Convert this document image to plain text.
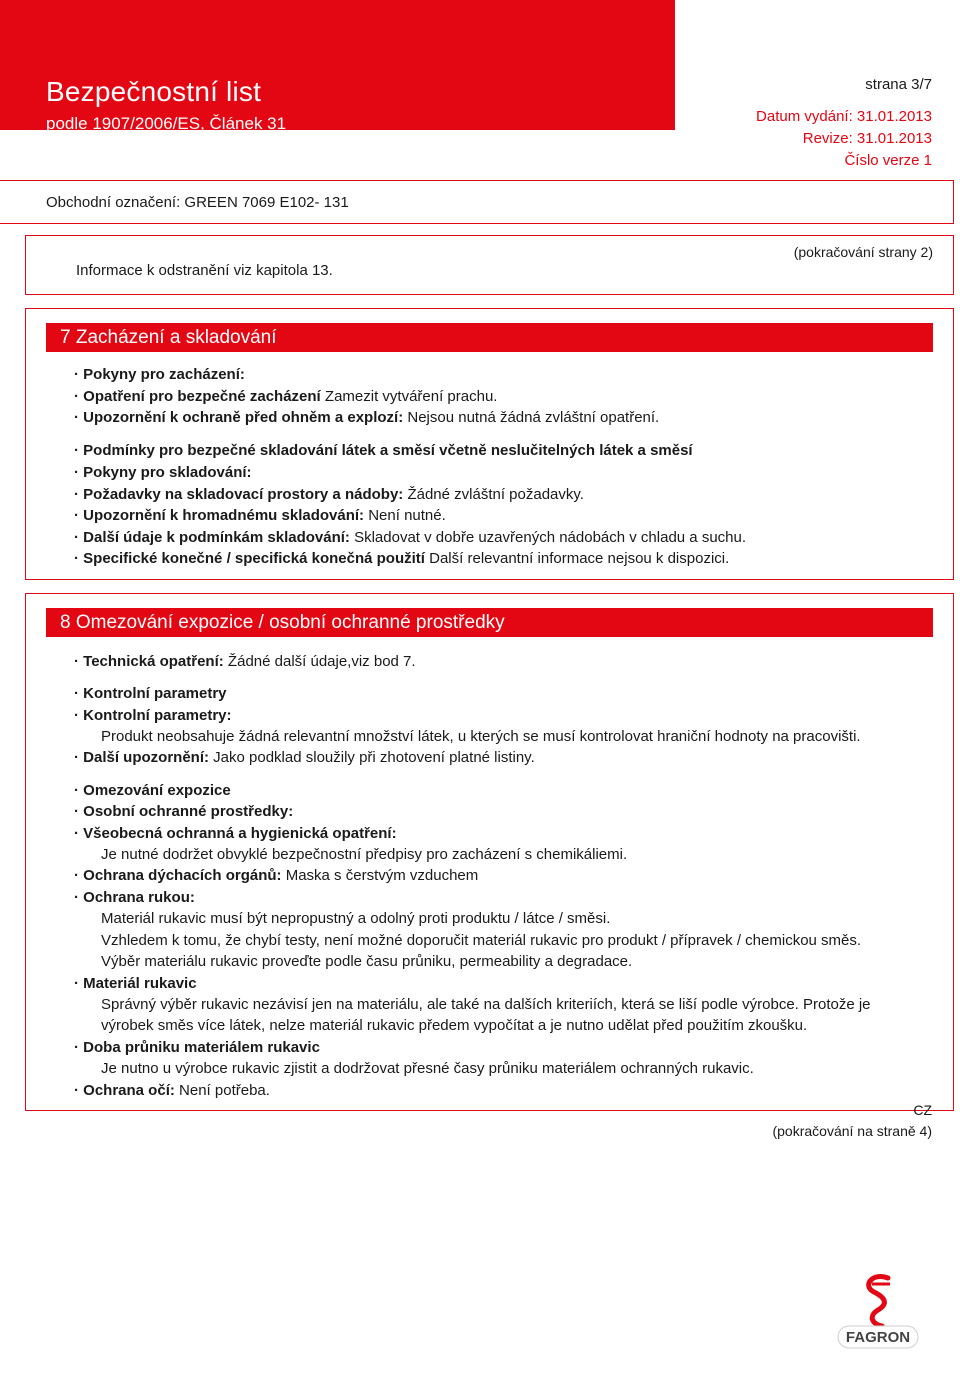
Bezpečnostní list
podle 1907/2006/ES, Článek 31
strana 3/7
Datum vydání: 31.01.2013
Revize: 31.01.2013
Číslo verze 1
Obchodní označení: GREEN 7069 E102- 131
Informace k odstranění viz kapitola 13.
(pokračování strany 2)
7 Zacházení a skladování
· Pokyny pro zacházení:
· Opatření pro bezpečné zacházení Zamezit vytváření prachu.
· Upozornění k ochraně před ohněm a explozí: Nejsou nutná žádná zvláštní opatření.
· Podmínky pro bezpečné skladování látek a směsí včetně neslučitelných látek a směsí
· Pokyny pro skladování:
· Požadavky na skladovací prostory a nádoby: Žádné zvláštní požadavky.
· Upozornění k hromadnému skladování: Není nutné.
· Další údaje k podmínkám skladování: Skladovat v dobře uzavřených nádobách v chladu a suchu.
· Specifické konečné / specifická konečná použití Další relevantní informace nejsou k dispozici.
8 Omezování expozice / osobní ochranné prostředky
· Technická opatření: Žádné další údaje,viz bod 7.
· Kontrolní parametry
· Kontrolní parametry:
Produkt neobsahuje žádná relevantní množství látek, u kterých se musí kontrolovat hraniční hodnoty na pracovišti.
· Další upozornění: Jako podklad sloužily při zhotovení platné listiny.
· Omezování expozice
· Osobní ochranné prostředky:
· Všeobecná ochranná a hygienická opatření:
Je nutné dodržet obvyklé bezpečnostní předpisy pro zacházení s chemikáliemi.
· Ochrana dýchacích orgánů: Maska s čerstvým vzduchem
· Ochrana rukou:
Materiál rukavic musí být nepropustný a odolný proti produktu / látce / směsi.
Vzhledem k tomu, že chybí testy, není možné doporučit materiál rukavic pro produkt / přípravek / chemickou směs.
Výběr materiálu rukavic proveďte podle času průniku, permeability a degradace.
· Materiál rukavic
Správný výběr rukavic nezávisí jen na materiálu, ale také na dalších kriteriích, která se liší podle výrobce. Protože je
výrobek směs více látek, nelze materiál rukavic předem vypočítat a je nutno udělat před použitím zkoušku.
· Doba průniku materiálem rukavic
Je nutno u výrobce rukavic zjistit a dodržovat přesné časy průniku materiálem ochranných rukavic.
· Ochrana očí: Není potřeba.
CZ
(pokračování na straně 4)
FAGRON
